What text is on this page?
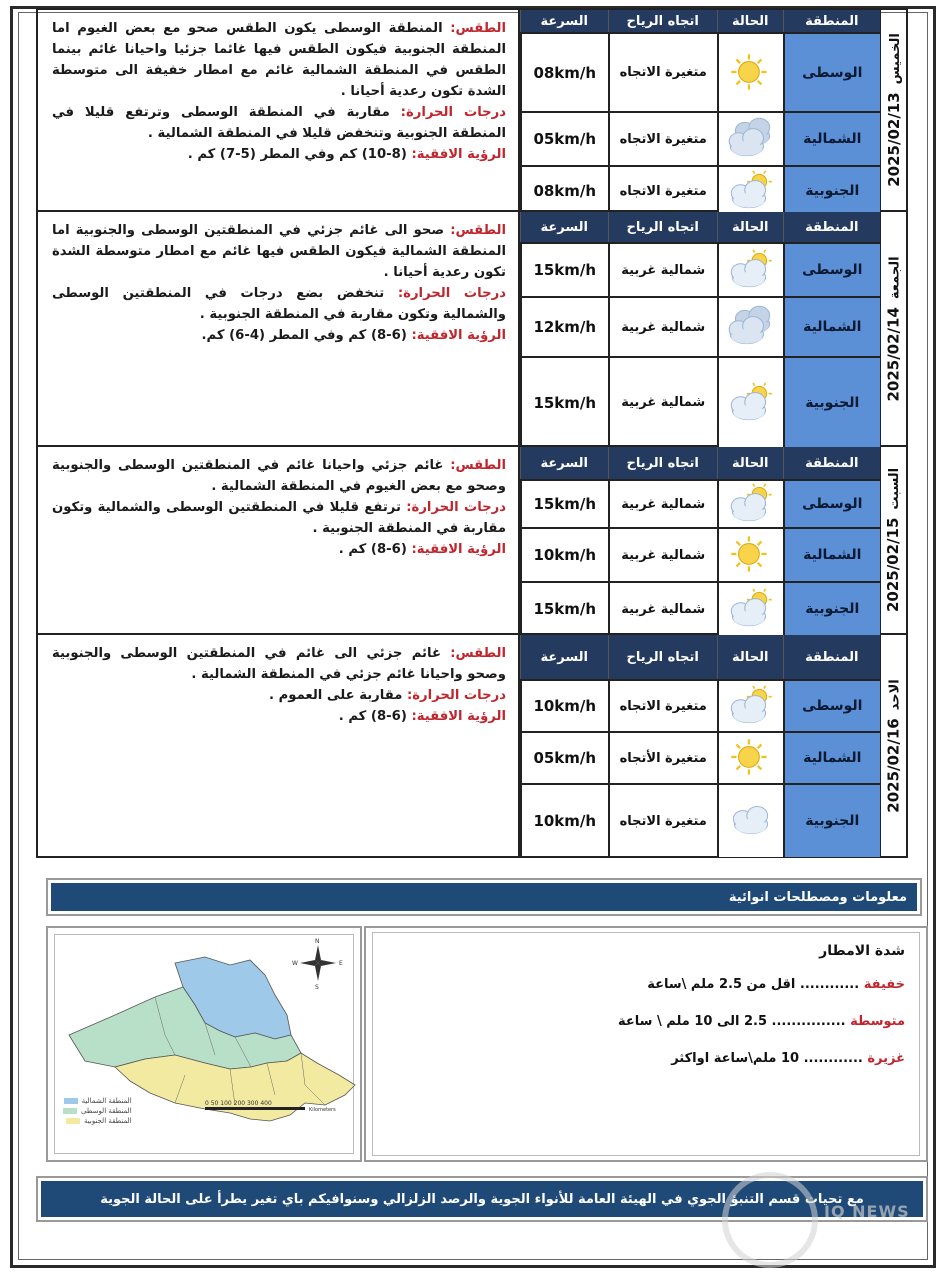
2025/02/13
الخميس
المنطقة
الحالة
اتجاه الرياح
السرعة
الوسطى
متغيرة الاتجاه
08km/h
الشمالية
متغيرة الاتجاه
05km/h
الجنوبية
متغيرة الاتجاه
08km/h

الطقس: المنطقة الوسطى يكون الطقس صحو مع بعض الغيوم اما المنطقة الجنوبية فيكون الطقس فيها غائما جزئيا واحيانا غائم بينما الطقس في المنطقة الشمالية غائم مع امطار خفيفة الى متوسطة الشدة تكون رعدية أحيانا .

درجات الحرارة: مقاربة في المنطقة الوسطى وترتفع قليلا في المنطقة الجنوبية وتنخفض قليلا في المنطقة الشمالية .

الرؤية الافقية: (8-10) كم وفي المطر (5-7) كم .

2025/02/14
الجمعة
المنطقة
الحالة
اتجاه الرياح
السرعة
الوسطى
شمالية غربية
15km/h
الشمالية
شمالية غربية
12km/h
الجنوبية
شمالية غربية
15km/h

الطقس: صحو الى غائم جزئي في المنطقتين الوسطى والجنوبية اما المنطقة الشمالية فيكون الطقس فيها غائم مع امطار متوسطة الشدة تكون رعدية أحيانا .

درجات الحرارة: تنخفض بضع درجات في المنطقتين الوسطى والشمالية وتكون مقاربة في المنطقة الجنوبية .

الرؤية الافقية: (6-8) كم وفي المطر (4-6) كم.

2025/02/15
السبت
المنطقة
الحالة
اتجاه الرياح
السرعة
الوسطى
شمالية غربية
15km/h
الشمالية
شمالية غربية
10km/h
الجنوبية
شمالية غربية
15km/h

الطقس: غائم جزئي واحيانا غائم في المنطقتين الوسطى والجنوبية وصحو مع بعض الغيوم في المنطقة الشمالية .

درجات الحرارة: ترتفع قليلا في المنطقتين الوسطى والشمالية وتكون مقاربة في المنطقة الجنوبية .

الرؤية الافقية: (6-8) كم .

2025/02/16
الاحد
المنطقة
الحالة
اتجاه الرياح
السرعة
الوسطى
متغيرة الاتجاه
10km/h
الشمالية
متغيرة الأتجاه
05km/h
الجنوبية
متغيرة الاتجاه
10km/h

الطقس: غائم جزئي الى غائم في المنطقتين الوسطى والجنوبية وصحو واحيانا غائم جزئي في المنطقة الشمالية .

درجات الحرارة: مقاربة على العموم .

الرؤية الافقية: (6-8) كم .

معلومات ومصطلحات انوائية
N
S
W	E
0 50 100 200 300 400
Kilometers
المنطقة الشمالية
المنطقة الوسطى
المنطقة الجنوبية
شدة الامطار
خفيفة ............ اقل من 2.5 ملم \ساعة
متوسطة ............... 2.5 الى 10 ملم \ ساعة
غزيرة ............ 10 ملم\ساعة اواكثر
مع تحيات قسم التنبؤ الجوي في الهيئة العامة للأنواء الجوية والرصد الزلزالي وسنوافيكم باي تغير يطرأ على الحالة الجوية
IQ NEWS
